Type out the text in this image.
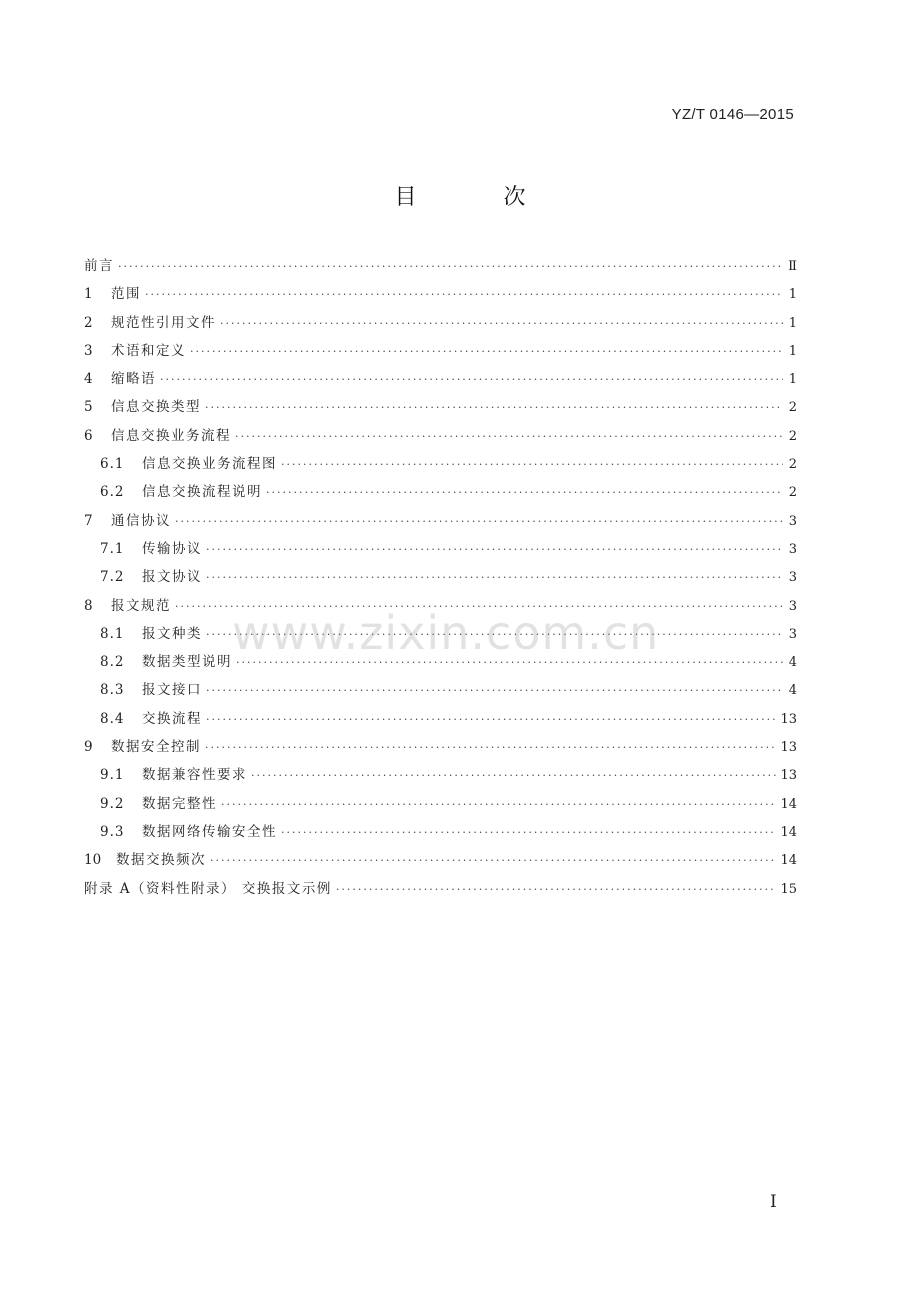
YZ/T 0146—2015
目 次
前言 ·····	Ⅱ
1	范围 ·····	1
2	规范性引用文件 ·····	1
3	术语和定义 ·····	1
4	缩略语 ·····	1
5	信息交换类型 ·····	2
6	信息交换业务流程 ·····	2
6.1	信息交换业务流程图 ·····	2
6.2	信息交换流程说明 ·····	2
7	通信协议 ·····	3
7.1	传输协议 ·····	3
7.2	报文协议 ·····	3
8	报文规范 ·····	3
8.1	报文种类 ·····	3
8.2	数据类型说明 ·····	4
8.3	报文接口 ·····	4
8.4	交换流程 ·····	13
9	数据安全控制 ·····	13
9.1	数据兼容性要求 ·····	13
9.2	数据完整性 ·····	14
9.3	数据网络传输安全性 ·····	14
10	数据交换频次 ·····	14
附录 A（资料性附录） 交换报文示例 ·····	15
www.zixin.com.cn
I
